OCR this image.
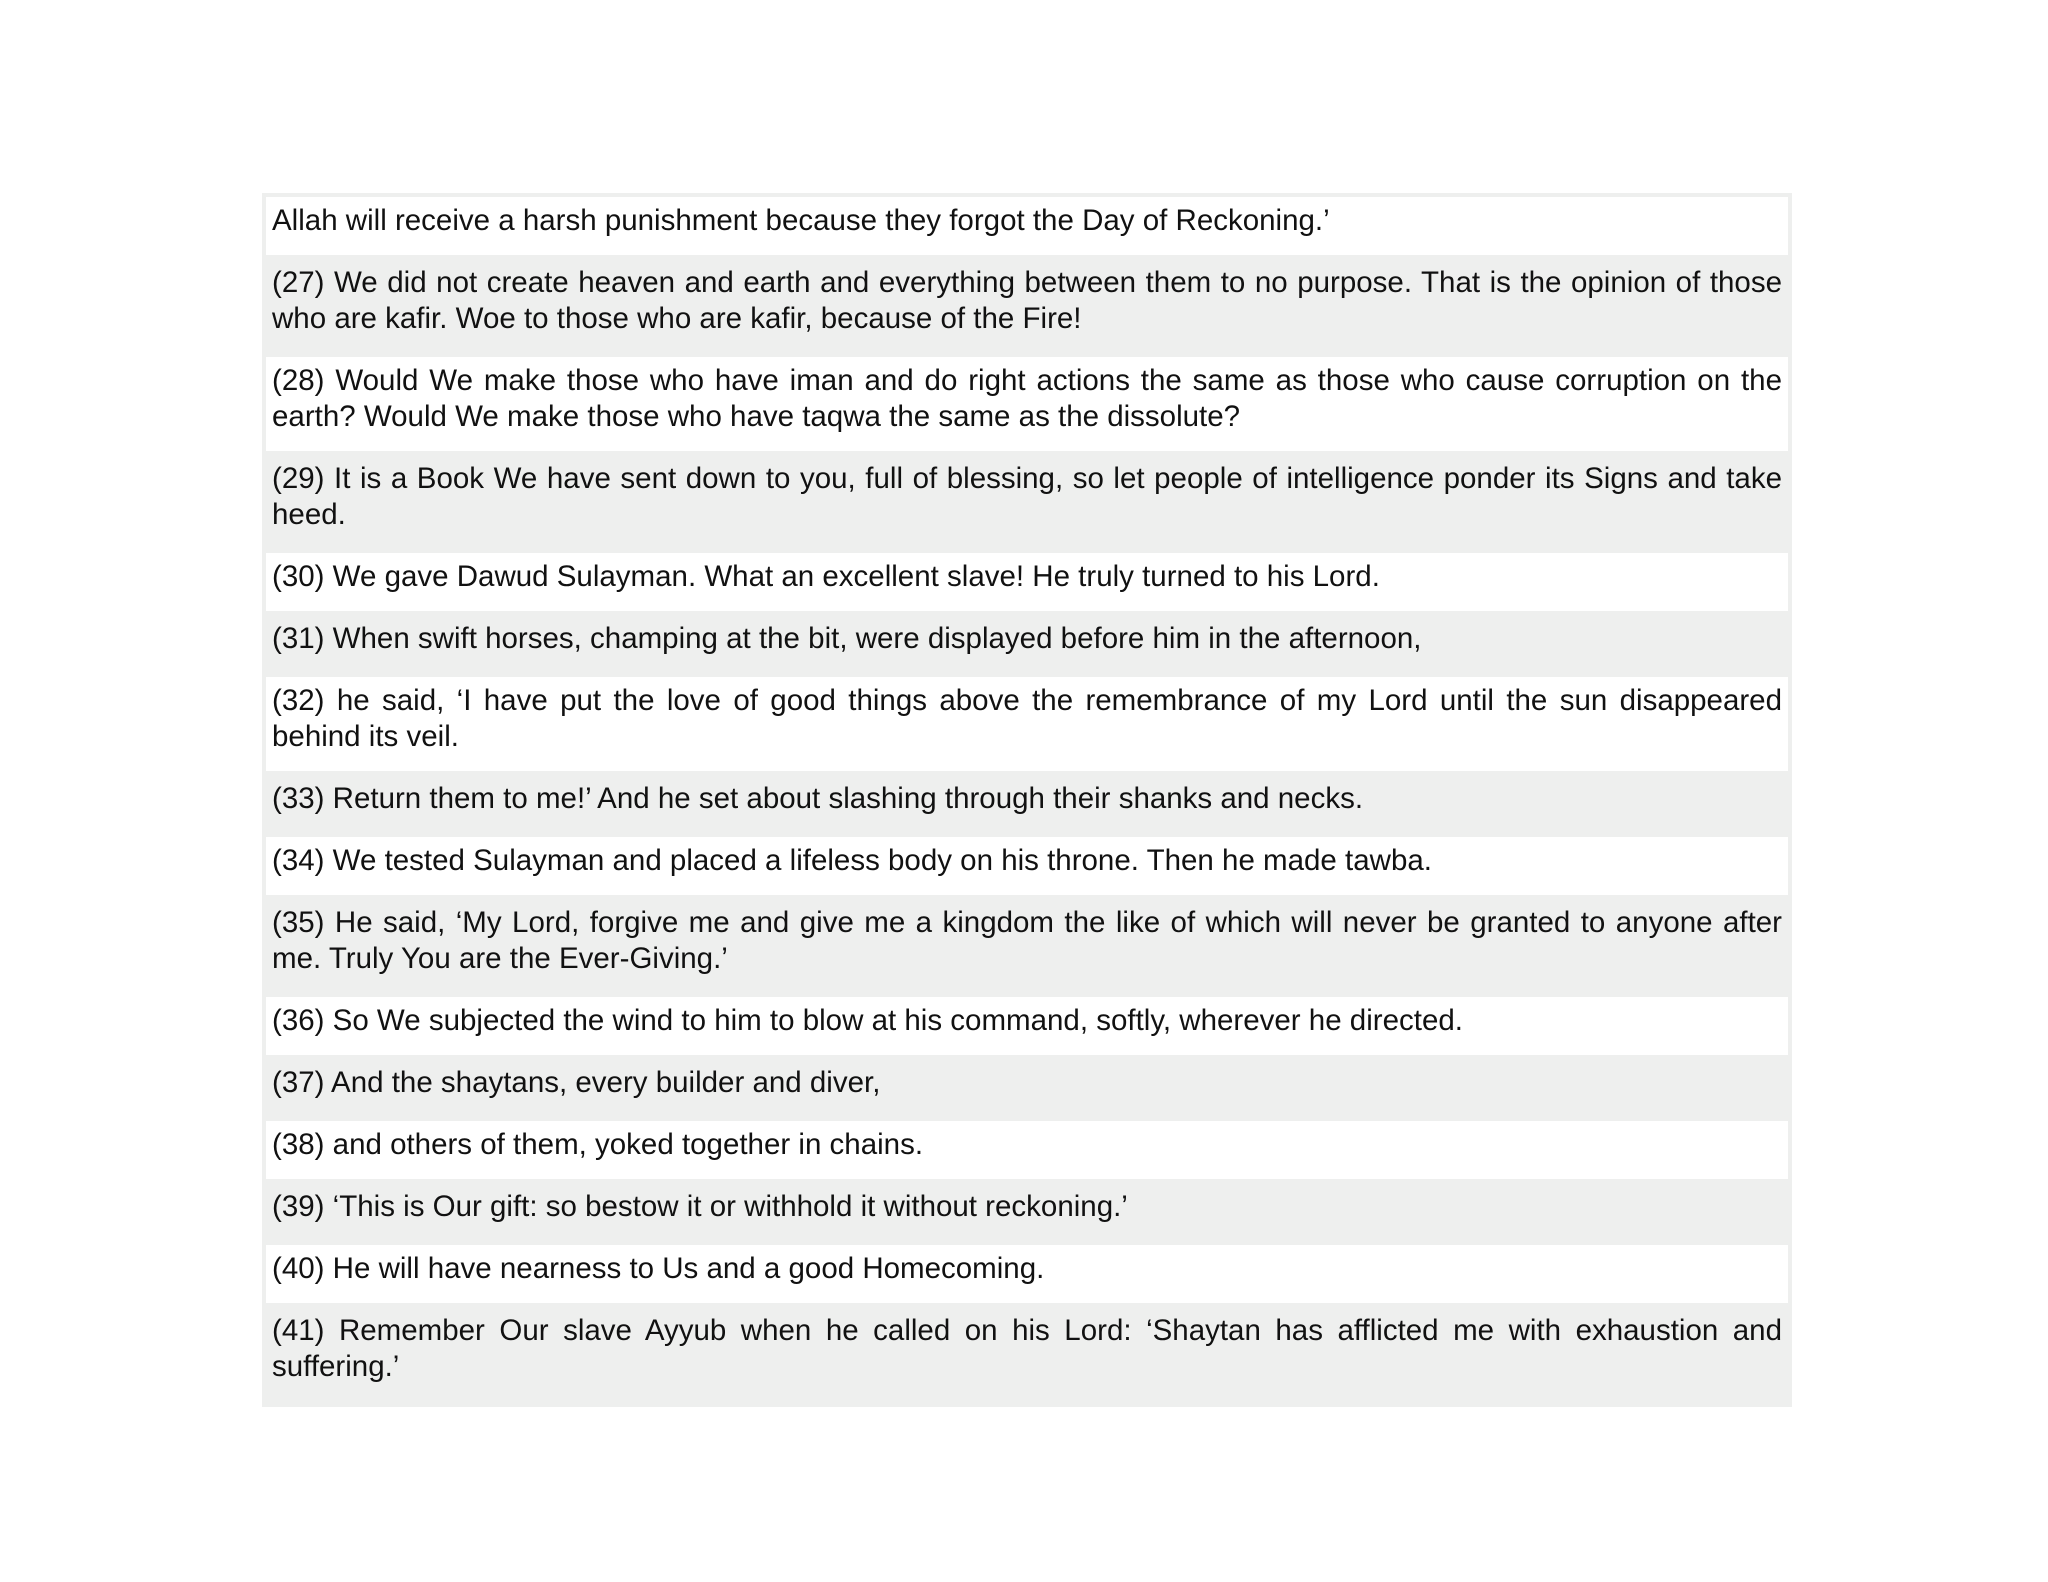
Allah will receive a harsh punishment because they forgot the Day of Reckoning.’
(27) We did not create heaven and earth and everything between them to no purpose. That is the opinion of those who are kafir. Woe to those who are kafir, because of the Fire!
(28) Would We make those who have iman and do right actions the same as those who cause corruption on the earth? Would We make those who have taqwa the same as the dissolute?
(29) It is a Book We have sent down to you, full of blessing, so let people of intelligence ponder its Signs and take heed.
(30) We gave Dawud Sulayman. What an excellent slave! He truly turned to his Lord.
(31) When swift horses, champing at the bit, were displayed before him in the afternoon,
(32) he said, ‘I have put the love of good things above the remembrance of my Lord until the sun disappeared behind its veil.
(33) Return them to me!’ And he set about slashing through their shanks and necks.
(34) We tested Sulayman and placed a lifeless body on his throne. Then he made tawba.
(35) He said, ‘My Lord, forgive me and give me a kingdom the like of which will never be granted to anyone after me. Truly You are the Ever-Giving.’
(36) So We subjected the wind to him to blow at his command, softly, wherever he directed.
(37) And the shaytans, every builder and diver,
(38) and others of them, yoked together in chains.
(39) ‘This is Our gift: so bestow it or withhold it without reckoning.’
(40) He will have nearness to Us and a good Homecoming.
(41) Remember Our slave Ayyub when he called on his Lord: ‘Shaytan has afflicted me with exhaustion and suffering.’
